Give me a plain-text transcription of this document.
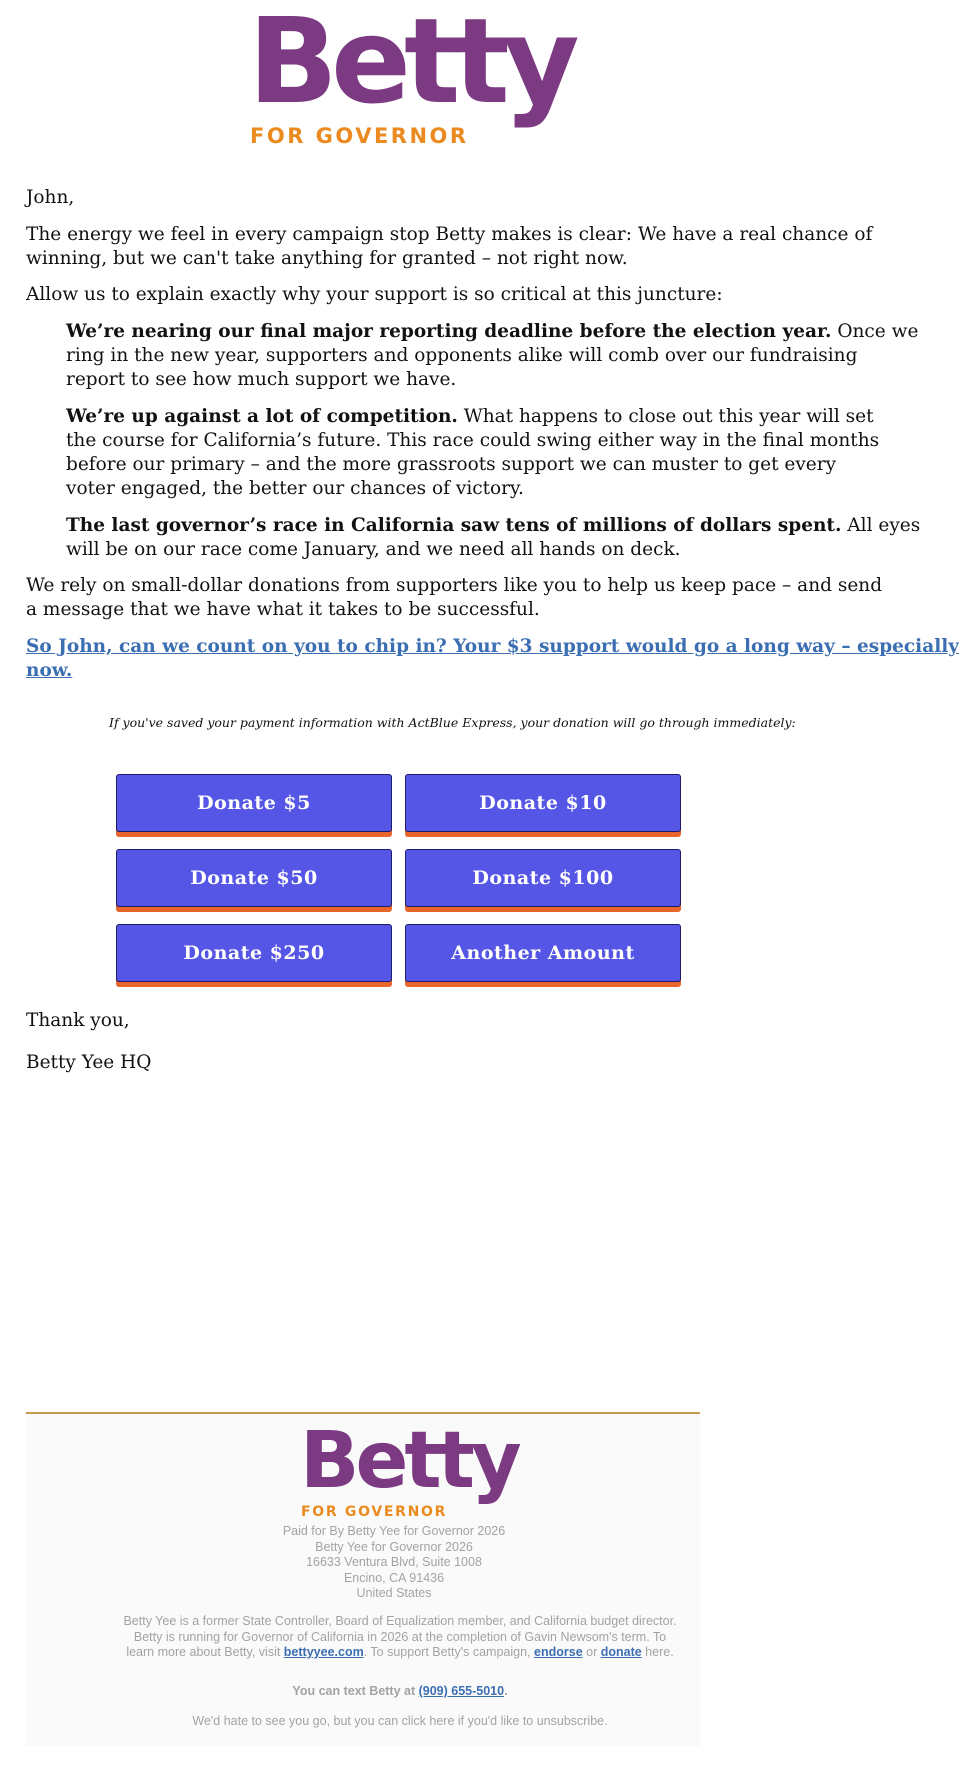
Betty
FOR GOVERNOR

John,

The energy we feel in every campaign stop Betty makes is clear: We have a real chance of
winning, but we can't take anything for granted – not right now.

Allow us to explain exactly why your support is so critical at this juncture:

We’re nearing our final major reporting deadline before the election year. Once we
ring in the new year, supporters and opponents alike will comb over our fundraising
report to see how much support we have.

We’re up against a lot of competition. What happens to close out this year will set
the course for California’s future. This race could swing either way in the final months
before our primary – and the more grassroots support we can muster to get every
voter engaged, the better our chances of victory.

The last governor’s race in California saw tens of millions of dollars spent. All eyes
will be on our race come January, and we need all hands on deck.

We rely on small-dollar donations from supporters like you to help us keep pace – and send
a message that we have what it takes to be successful.

So John, can we count on you to chip in? Your $3 support would go a long way – especially
now.

If you've saved your payment information with ActBlue Express, your donation will go through immediately:
Donate $5	Donate $10
Donate $50	Donate $100
Donate $250	Another Amount
Thank you,
Betty Yee HQ
Betty
FOR GOVERNOR
Paid for By Betty Yee for Governor 2026
Betty Yee for Governor 2026
16633 Ventura Blvd, Suite 1008
Encino, CA 91436
United States
Betty Yee is a former State Controller, Board of Equalization member, and California budget director.
Betty is running for Governor of California in 2026 at the completion of Gavin Newsom's term. To
learn more about Betty, visit bettyyee.com. To support Betty's campaign, endorse or donate here.
You can text Betty at (909) 655-5010.
We'd hate to see you go, but you can click here if you'd like to unsubscribe.
